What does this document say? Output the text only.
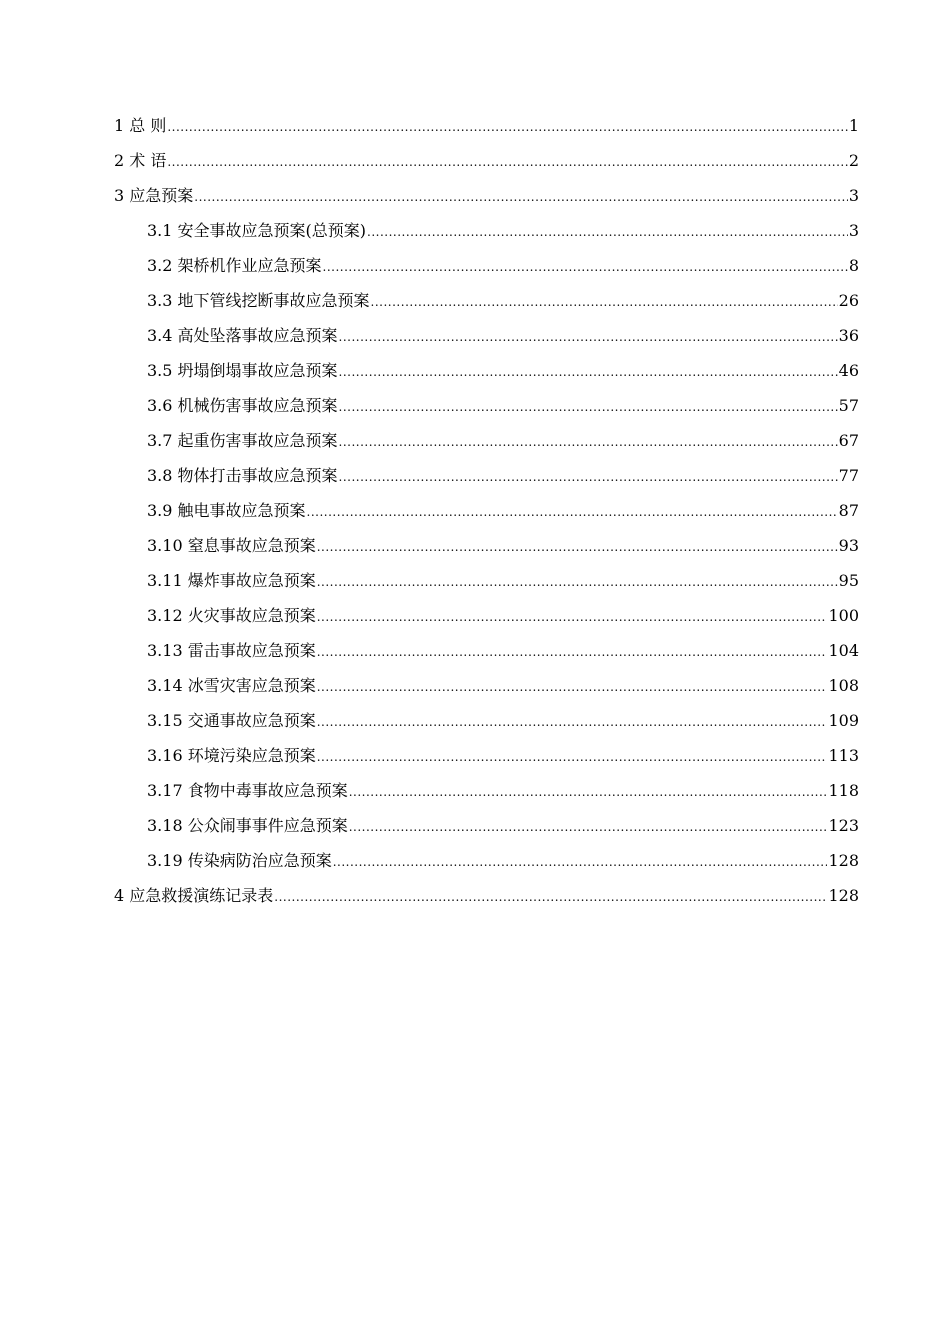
1 总 则 .....	1
2 术 语 .....	2
3 应急预案 .....	3
3.1 安全事故应急预案(总预案) .....	3
3.2 架桥机作业应急预案 .....	8
3.3 地下管线挖断事故应急预案 .....	26
3.4 高处坠落事故应急预案 .....	36
3.5 坍塌倒塌事故应急预案 .....	46
3.6 机械伤害事故应急预案 .....	57
3.7 起重伤害事故应急预案 .....	67
3.8 物体打击事故应急预案 .....	77
3.9 触电事故应急预案 .....	87
3.10 窒息事故应急预案 .....	93
3.11 爆炸事故应急预案 .....	95
3.12 火灾事故应急预案 .....	100
3.13 雷击事故应急预案 .....	104
3.14 冰雪灾害应急预案 .....	108
3.15 交通事故应急预案 .....	109
3.16 环境污染应急预案 .....	113
3.17 食物中毒事故应急预案 .....	118
3.18 公众闹事事件应急预案 .....	123
3.19 传染病防治应急预案 .....	128
4 应急救援演练记录表 .....	128
